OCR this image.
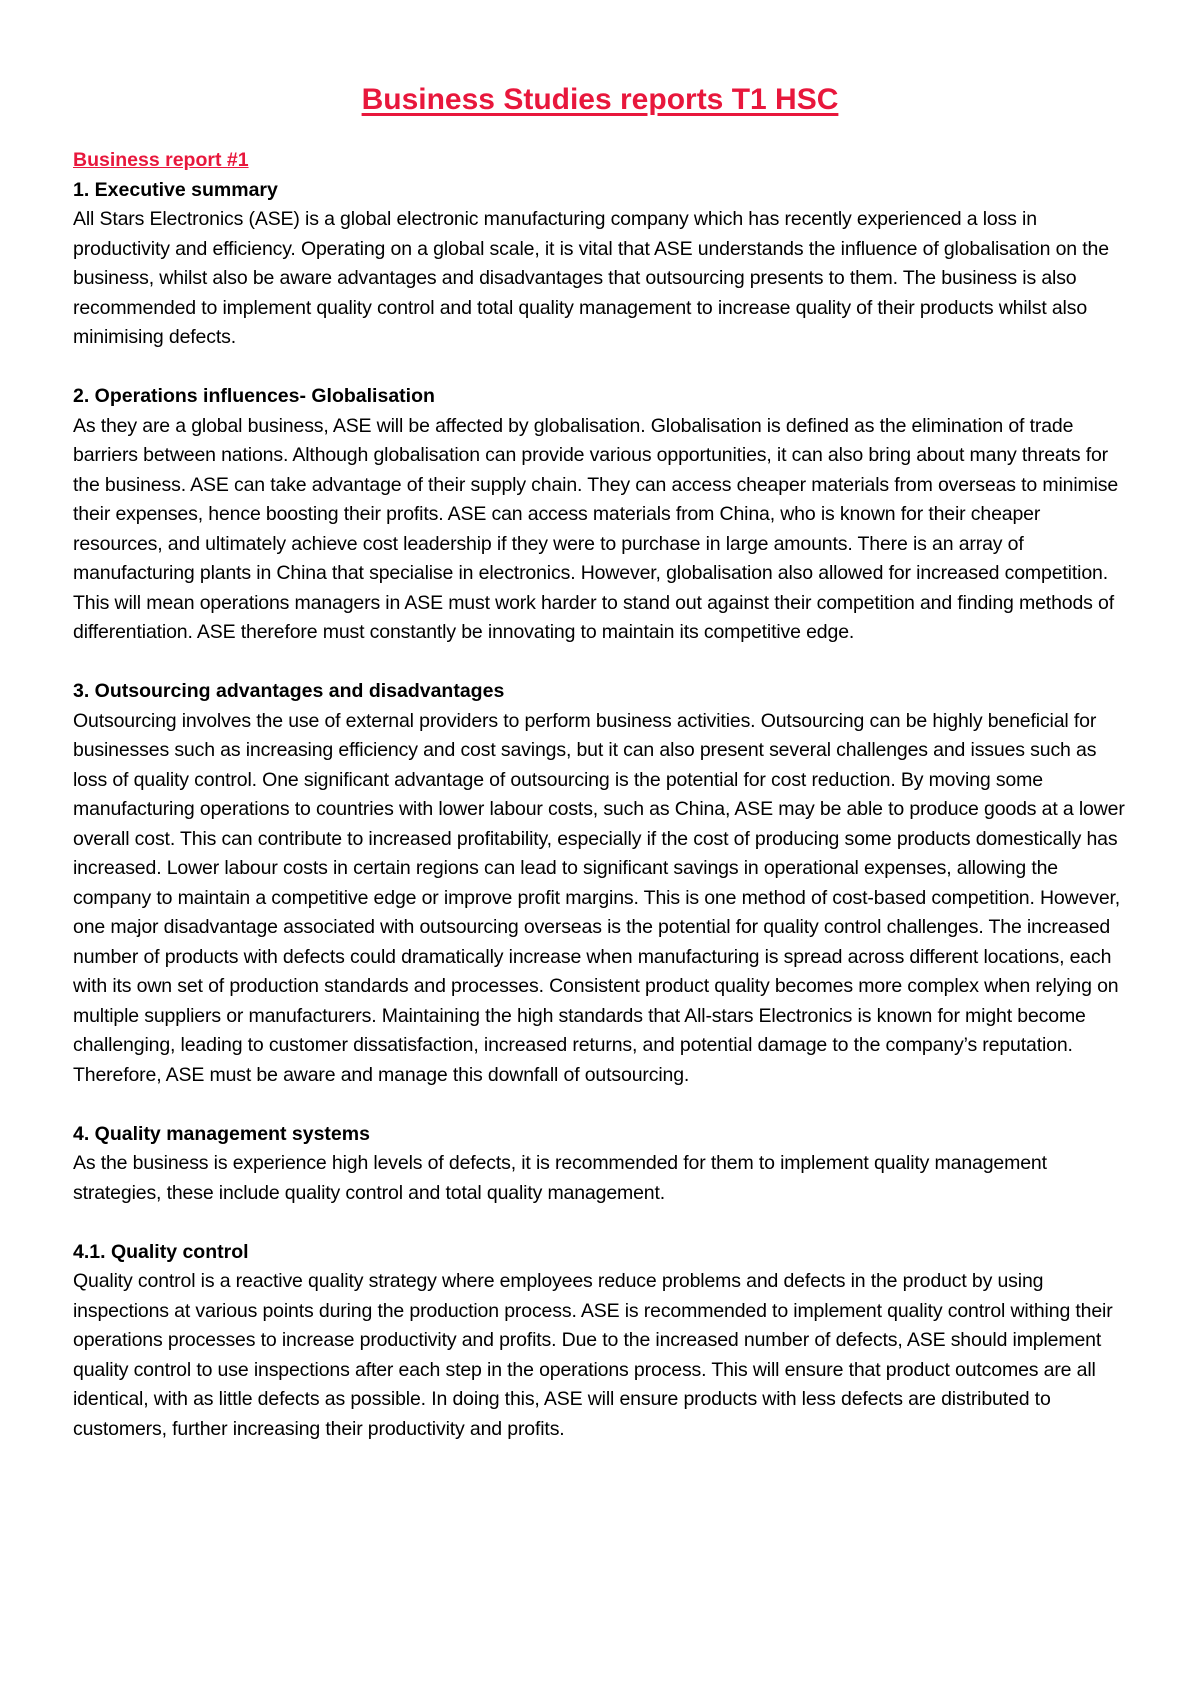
Business Studies reports T1 HSC

Business report #1

1. Executive summary

All Stars Electronics (ASE) is a global electronic manufacturing company which has recently experienced a loss in productivity and efficiency. Operating on a global scale, it is vital that ASE understands the influence of globalisation on the business, whilst also be aware advantages and disadvantages that outsourcing presents to them. The business is also recommended to implement quality control and total quality management to increase quality of their products whilst also minimising defects.

2. Operations influences- Globalisation

As they are a global business, ASE will be affected by globalisation. Globalisation is defined as the elimination of trade barriers between nations. Although globalisation can provide various opportunities, it can also bring about many threats for the business. ASE can take advantage of their supply chain. They can access cheaper materials from overseas to minimise their expenses, hence boosting their profits. ASE can access materials from China, who is known for their cheaper resources, and ultimately achieve cost leadership if they were to purchase in large amounts. There is an array of manufacturing plants in China that specialise in electronics. However, globalisation also allowed for increased competition. This will mean operations managers in ASE must work harder to stand out against their competition and finding methods of differentiation. ASE therefore must constantly be innovating to maintain its competitive edge.

3. Outsourcing advantages and disadvantages

Outsourcing involves the use of external providers to perform business activities. Outsourcing can be highly beneficial for businesses such as increasing efficiency and cost savings, but it can also present several challenges and issues such as loss of quality control. One significant advantage of outsourcing is the potential for cost reduction. By moving some manufacturing operations to countries with lower labour costs, such as China, ASE may be able to produce goods at a lower overall cost. This can contribute to increased profitability, especially if the cost of producing some products domestically has increased. Lower labour costs in certain regions can lead to significant savings in operational expenses, allowing the company to maintain a competitive edge or improve profit margins. This is one method of cost-based competition. However, one major disadvantage associated with outsourcing overseas is the potential for quality control challenges. The increased number of products with defects could dramatically increase when manufacturing is spread across different locations, each with its own set of production standards and processes. Consistent product quality becomes more complex when relying on multiple suppliers or manufacturers. Maintaining the high standards that All-stars Electronics is known for might become challenging, leading to customer dissatisfaction, increased returns, and potential damage to the company’s reputation. Therefore, ASE must be aware and manage this downfall of outsourcing.

4. Quality management systems

As the business is experience high levels of defects, it is recommended for them to implement quality management strategies, these include quality control and total quality management.

4.1. Quality control

Quality control is a reactive quality strategy where employees reduce problems and defects in the product by using inspections at various points during the production process. ASE is recommended to implement quality control withing their operations processes to increase productivity and profits. Due to the increased number of defects, ASE should implement quality control to use inspections after each step in the operations process. This will ensure that product outcomes are all identical, with as little defects as possible. In doing this, ASE will ensure products with less defects are distributed to customers, further increasing their productivity and profits.
